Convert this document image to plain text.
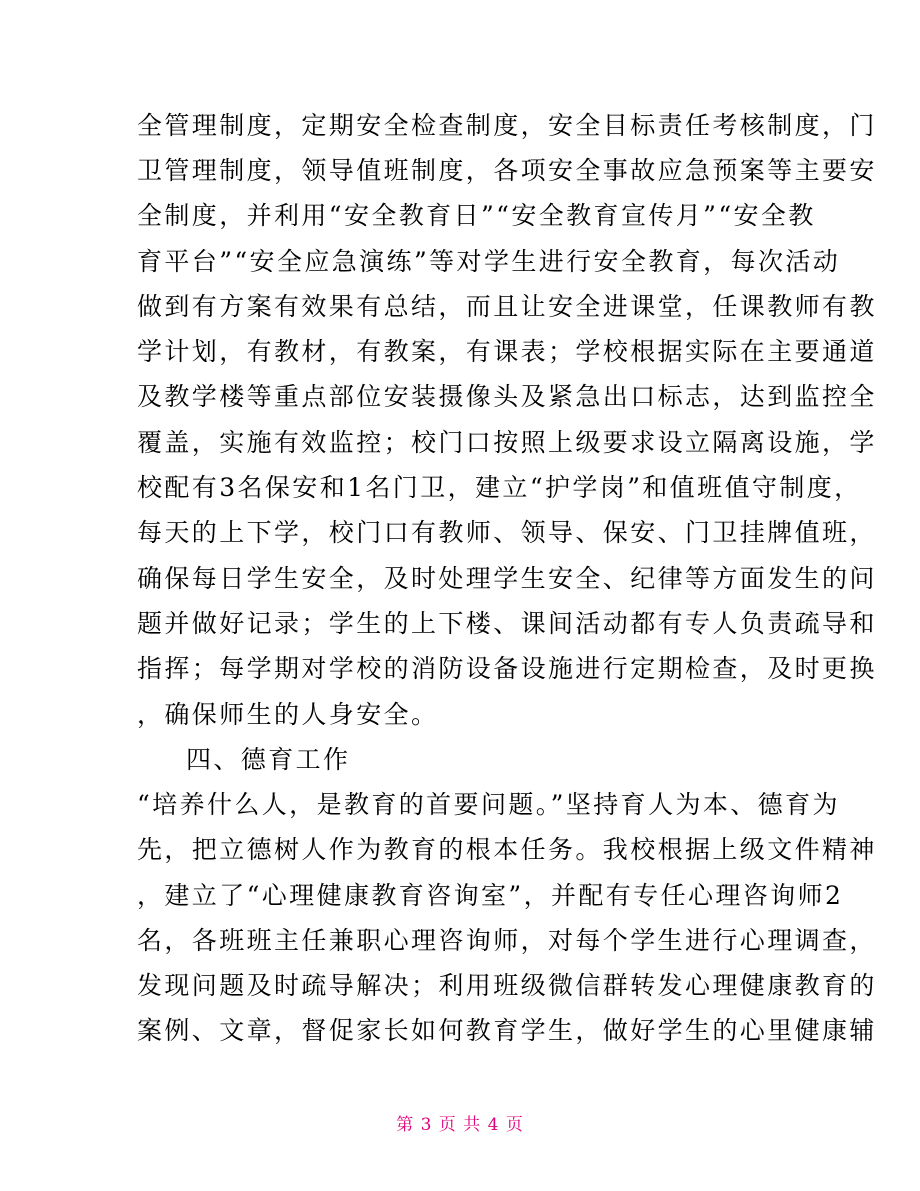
全管理制度，定期安全检查制度，安全目标责任考核制度，门
卫管理制度，领导值班制度，各项安全事故应急预案等主要安
全制度，并利用“安全教育日”“安全教育宣传月”“安全教
育平台”“安全应急演练”等对学生进行安全教育，每次活动
做到有方案有效果有总结，而且让安全进课堂，任课教师有教
学计划，有教材，有教案，有课表；学校根据实际在主要通道
及教学楼等重点部位安装摄像头及紧急出口标志，达到监控全
覆盖，实施有效监控；校门口按照上级要求设立隔离设施，学
校配有3名保安和1名门卫，建立“护学岗”和值班值守制度，
每天的上下学，校门口有教师、领导、保安、门卫挂牌值班，
确保每日学生安全，及时处理学生安全、纪律等方面发生的问
题并做好记录；学生的上下楼、课间活动都有专人负责疏导和
指挥；每学期对学校的消防设备设施进行定期检查，及时更换
，确保师生的人身安全。
四、德育工作
“培养什么人，是教育的首要问题。”坚持育人为本、德育为
先，把立德树人作为教育的根本任务。我校根据上级文件精神
，建立了“心理健康教育咨询室”，并配有专任心理咨询师2
名，各班班主任兼职心理咨询师，对每个学生进行心理调查，
发现问题及时疏导解决；利用班级微信群转发心理健康教育的
案例、文章，督促家长如何教育学生，做好学生的心里健康辅
第 3 页 共 4 页
